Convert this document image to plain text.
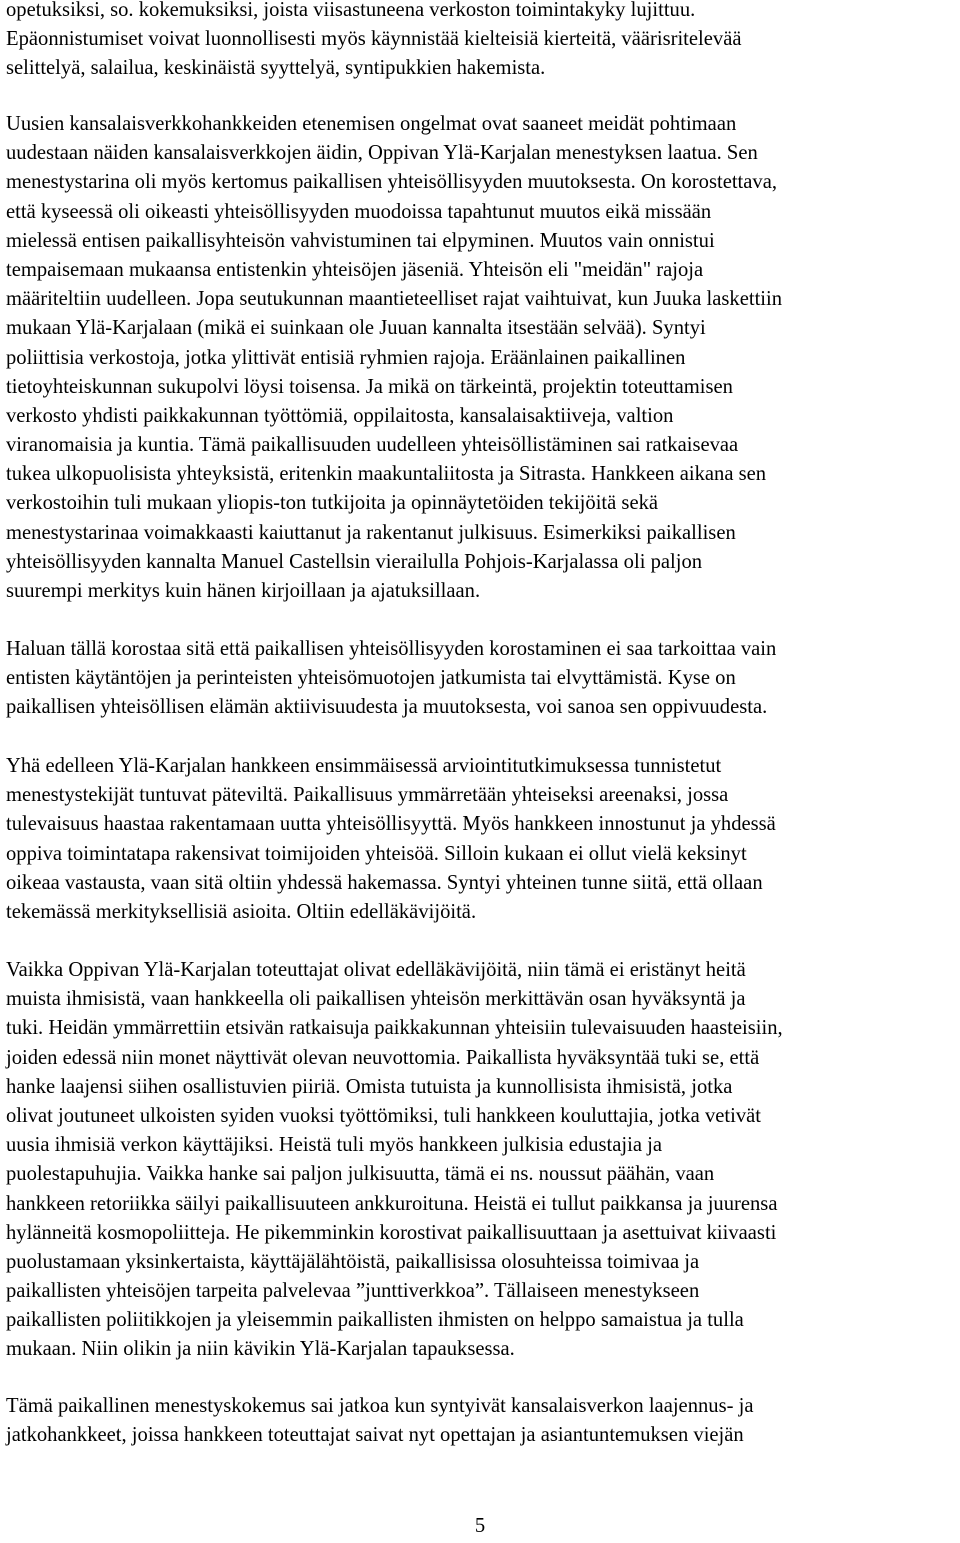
opetuksiksi, so. kokemuksiksi, joista viisastuneena verkoston toimintakyky lujittuu.
Epäonnistumiset voivat luonnollisesti myös käynnistää kielteisiä kierteitä, väärisritelevää
selittelyä, salailua, keskinäistä syyttelyä, syntipukkien hakemista.
Uusien kansalaisverkkohankkeiden etenemisen ongelmat ovat saaneet meidät pohtimaan
uudestaan näiden kansalaisverkkojen äidin, Oppivan Ylä-Karjalan menestyksen laatua. Sen
menestystarina oli myös kertomus paikallisen yhteisöllisyyden muutoksesta. On korostettava,
että kyseessä oli oikeasti yhteisöllisyyden muodoissa tapahtunut muutos eikä missään
mielessä entisen paikallisyhteisön vahvistuminen tai elpyminen. Muutos vain onnistui
tempaisemaan mukaansa entistenkin yhteisöjen jäseniä. Yhteisön eli "meidän" rajoja
määriteltiin uudelleen. Jopa seutukunnan maantieteelliset rajat vaihtuivat, kun Juuka laskettiin
mukaan Ylä-Karjalaan (mikä ei suinkaan ole Juuan kannalta itsestään selvää). Syntyi
poliittisia verkostoja, jotka ylittivät entisiä ryhmien rajoja. Eräänlainen paikallinen
tietoyhteiskunnan sukupolvi löysi toisensa. Ja mikä on tärkeintä, projektin toteuttamisen
verkosto yhdisti paikkakunnan työttömiä, oppilaitosta, kansalaisaktiiveja, valtion
viranomaisia ja kuntia. Tämä paikallisuuden uudelleen yhteisöllistäminen sai ratkaisevaa
tukea ulkopuolisista yhteyksistä, eritenkin maakuntaliitosta ja Sitrasta. Hankkeen aikana sen
verkostoihin tuli mukaan yliopis-ton tutkijoita ja opinnäytetöiden tekijöitä sekä
menestystarinaa voimakkaasti kaiuttanut ja rakentanut julkisuus. Esimerkiksi paikallisen
yhteisöllisyyden kannalta Manuel Castellsin vierailulla Pohjois-Karjalassa oli paljon
suurempi merkitys kuin hänen kirjoillaan ja ajatuksillaan.
Haluan tällä korostaa sitä että paikallisen yhteisöllisyyden korostaminen ei saa tarkoittaa vain
entisten käytäntöjen ja perinteisten yhteisömuotojen jatkumista tai elvyttämistä. Kyse on
paikallisen yhteisöllisen elämän aktiivisuudesta ja muutoksesta, voi sanoa sen oppivuudesta.
Yhä edelleen Ylä-Karjalan hankkeen ensimmäisessä arviointitutkimuksessa tunnistetut
menestystekijät tuntuvat päteviltä. Paikallisuus ymmärretään yhteiseksi areenaksi, jossa
tulevaisuus haastaa rakentamaan uutta yhteisöllisyyttä. Myös hankkeen innostunut ja yhdessä
oppiva toimintatapa rakensivat toimijoiden yhteisöä. Silloin kukaan ei ollut vielä keksinyt
oikeaa vastausta, vaan sitä oltiin yhdessä hakemassa. Syntyi yhteinen tunne siitä, että ollaan
tekemässä merkityksellisiä asioita. Oltiin edelläkävijöitä.
Vaikka Oppivan Ylä-Karjalan toteuttajat olivat edelläkävijöitä, niin tämä ei eristänyt heitä
muista ihmisistä, vaan hankkeella oli paikallisen yhteisön merkittävän osan hyväksyntä ja
tuki. Heidän ymmärrettiin etsivän ratkaisuja paikkakunnan yhteisiin tulevaisuuden haasteisiin,
joiden edessä niin monet näyttivät olevan neuvottomia. Paikallista hyväksyntää tuki se, että
hanke laajensi siihen osallistuvien piiriä. Omista tutuista ja kunnollisista ihmisistä, jotka
olivat joutuneet ulkoisten syiden vuoksi työttömiksi, tuli hankkeen kouluttajia, jotka vetivät
uusia ihmisiä verkon käyttäjiksi. Heistä tuli myös hankkeen julkisia edustajia ja
puolestapuhujia. Vaikka hanke sai paljon julkisuutta, tämä ei ns. noussut päähän, vaan
hankkeen retoriikka säilyi paikallisuuteen ankkuroituna. Heistä ei tullut paikkansa ja juurensa
hylänneitä kosmopoliitteja. He pikemminkin korostivat paikallisuuttaan ja asettuivat kiivaasti
puolustamaan yksinkertaista, käyttäjälähtöistä, paikallisissa olosuhteissa toimivaa ja
paikallisten yhteisöjen tarpeita palvelevaa ”junttiverkkoa”. Tällaiseen menestykseen
paikallisten poliitikkojen ja yleisemmin paikallisten ihmisten on helppo samaistua ja tulla
mukaan. Niin olikin ja niin kävikin Ylä-Karjalan tapauksessa.
Tämä paikallinen menestyskokemus sai jatkoa kun syntyivät kansalaisverkon laajennus- ja
jatkohankkeet, joissa hankkeen toteuttajat saivat nyt opettajan ja asiantuntemuksen viejän
5
